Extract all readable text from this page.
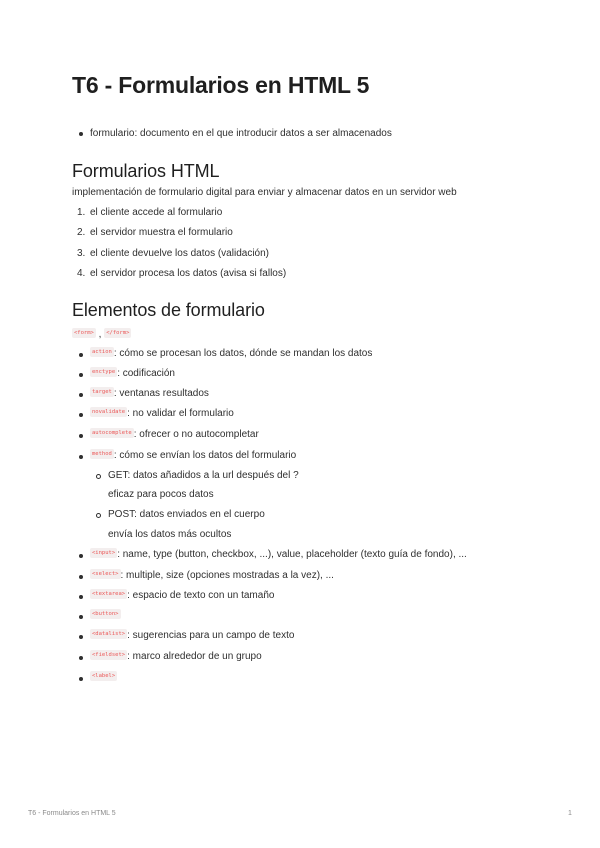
T6 - Formularios en HTML 5
formulario: documento en el que introducir datos a ser almacenados
Formularios HTML
implementación de formulario digital para enviar y almacenar datos en un servidor web
1. el cliente accede al formulario
2. el servidor muestra el formulario
3. el cliente devuelve los datos (validación)
4. el servidor procesa los datos (avisa si fallos)
Elementos de formulario
<form> , </form>
action : cómo se procesan los datos, dónde se mandan los datos
enctype : codificación
target : ventanas resultados
novalidate : no validar el formulario
autocomplete : ofrecer o no autocompletar
method : cómo se envían los datos del formulario
GET: datos añadidos a la url después del ?
eficaz para pocos datos
POST: datos enviados en el cuerpo
envía los datos más ocultos
<input> : name, type (button, checkbox, ...), value, placeholder (texto guía de fondo), ...
<select> : multiple, size (opciones mostradas a la vez), ...
<textarea> : espacio de texto con un tamaño
<button>
<datalist> : sugerencias para un campo de texto
<fieldset> : marco alrededor de un grupo
<label>
T6 - Formularios en HTML 5	1
